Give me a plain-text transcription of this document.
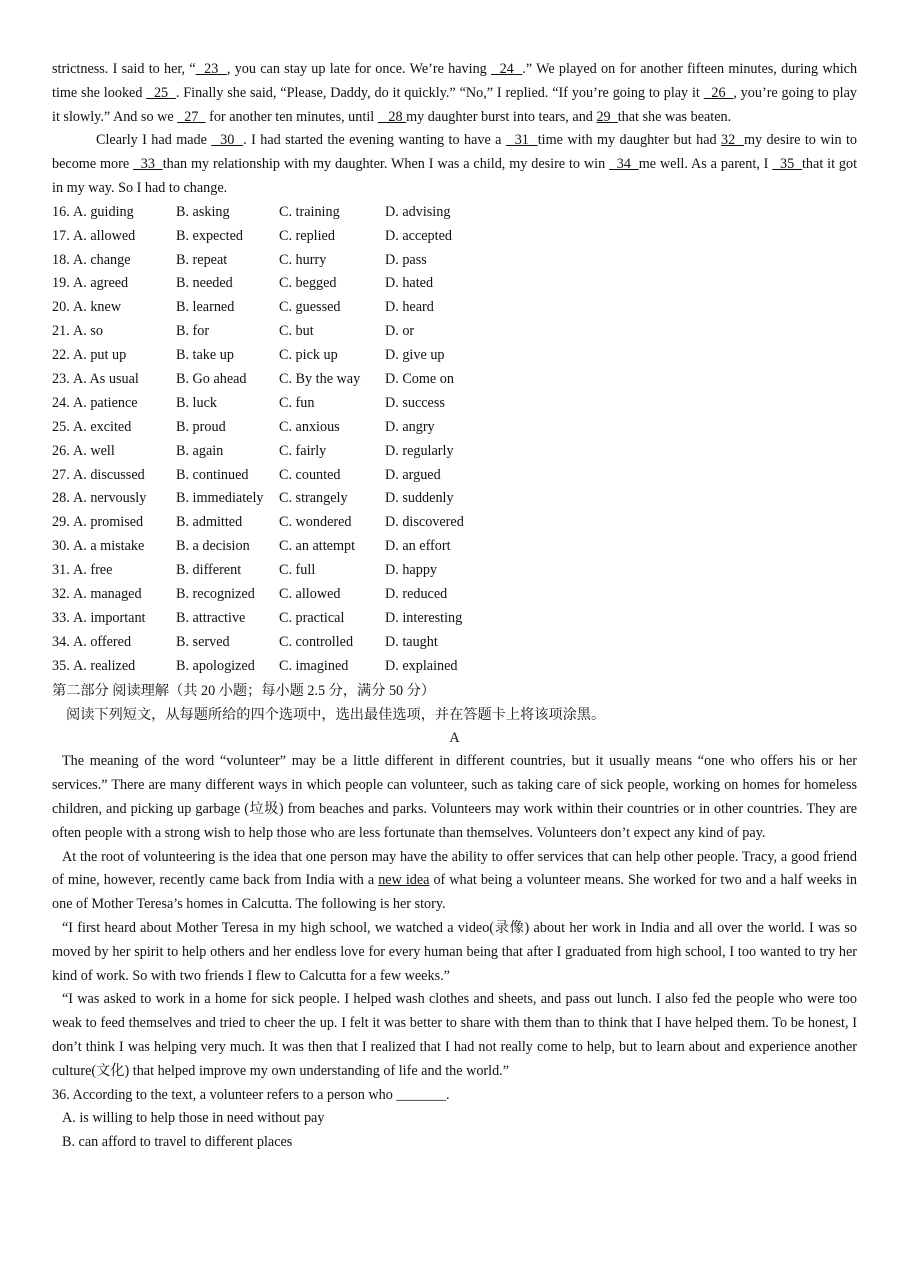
strictness. I said to her, “  23  , you can stay up late for once. We’re having   24  .” We played on for another fifteen minutes, during which time she looked   25  . Finally she said, “Please, Daddy, do it quickly.” “No,” I replied. “If you’re going to play it   26  , you’re going to play it slowly.” And so we   27   for another ten minutes, until    28 my daughter burst into tears, and 29  that she was beaten.

Clearly I had made   30  . I had started the evening wanting to have a   31  time with my daughter but had 32  my desire to win to become more   33  than my relationship with my daughter. When I was a child, my desire to win   34  me well. As a parent, I   35  that it got in my way. So I had to change.

16. A. guiding	B. asking	C. training	D. advising
17. A. allowed	B. expected	C. replied	D. accepted
18. A. change	B. repeat	C. hurry	D. pass
19. A. agreed	B. needed	C. begged	D. hated
20. A. knew	B. learned	C. guessed	D. heard
21. A. so	B. for	C. but	D. or
22. A. put up	B. take up	C. pick up	D. give up
23. A. As usual	B. Go ahead C. By the way D. Come on
24. A. patience	B. luck	C. fun	D. success
25. A. excited	B. proud	C. anxious	D. angry
26. A. well	B. again	C. fairly	D. regularly
27. A. discussed B. continued C. counted	D. argued
28. A. nervously B. immediately C. strangely	D. suddenly
29. A. promised B. admitted	C. wondered D. discovered
30. A. a mistake B. a decision C. an attempt D. an effort
31. A. free	B. different	C. full	D. happy
32. A. managed B. recognized C. allowed	D. reduced
33. A. important B. attractive C. practical	D. interesting
34. A. offered	B. served	C. controlled D. taught
35. A. realized	B. apologized C. imagined	D. explained

第二部分 阅读理解（共 20 小题；每小题 2.5 分，满分 50 分）

阅读下列短文，从每题所给的四个选项中，选出最佳选项，并在答题卡上将该项涂黑。

A

The meaning of the word “volunteer” may be a little different in different countries, but it usually means “one who offers his or her services.” There are many different ways in which people can volunteer, such as taking care of sick people, working on homes for homeless children, and picking up garbage (垃圾) from beaches and parks. Volunteers may work within their countries or in other countries. They are often people with a strong wish to help those who are less fortunate than themselves. Volunteers don’t expect any kind of pay.

At the root of volunteering is the idea that one person may have the ability to offer services that can help other people. Tracy, a good friend of mine, however, recently came back from India with a new idea of what being a volunteer means. She worked for two and a half weeks in one of Mother Teresa’s homes in Calcutta. The following is her story.

“I first heard about Mother Teresa in my high school, we watched a video(录像) about her work in India and all over the world. I was so moved by her spirit to help others and her endless love for every human being that after I graduated from high school, I too wanted to try her kind of work. So with two friends I flew to Calcutta for a few weeks.”

“I was asked to work in a home for sick people. I helped wash clothes and sheets, and pass out lunch. I also fed the people who were too weak to feed themselves and tried to cheer the up. I felt it was better to share with them than to think that I have helped them. To be honest, I don’t think I was helping very much. It was then that I realized that I had not really come to help, but to learn about and experience another culture(文化) that helped improve my own understanding of life and the world.”

36. According to the text, a volunteer refers to a person who _______.

A. is willing to help those in need without pay

B. can afford to travel to different places
